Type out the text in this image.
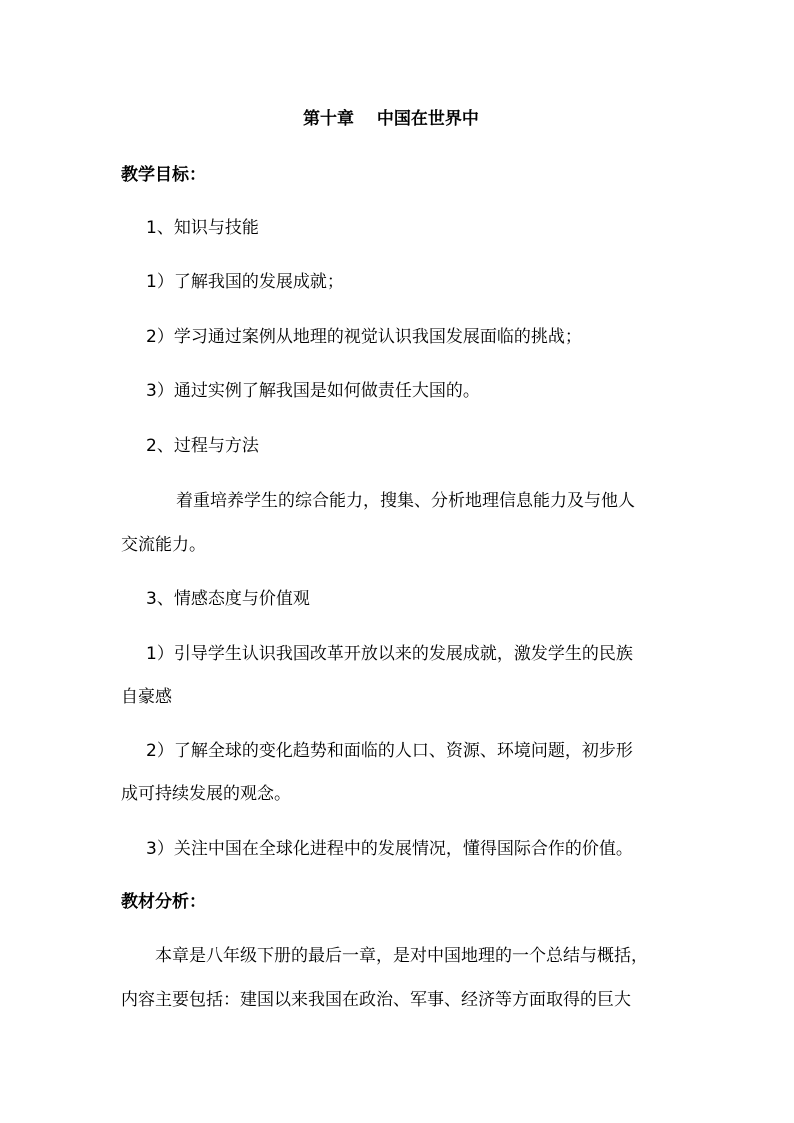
第十章　 中国在世界中
教学目标：
1、知识与技能
1）了解我国的发展成就；
2）学习通过案例从地理的视觉认识我国发展面临的挑战；
3）通过实例了解我国是如何做责任大国的。
2、过程与方法
着重培养学生的综合能力，搜集、分析地理信息能力及与他人
交流能力。
3、情感态度与价值观
1）引导学生认识我国改革开放以来的发展成就，激发学生的民族
自豪感
2）了解全球的变化趋势和面临的人口、资源、环境问题，初步形
成可持续发展的观念。
3）关注中国在全球化进程中的发展情况，懂得国际合作的价值。
教材分析：
本章是八年级下册的最后一章，是对中国地理的一个总结与概括，
内容主要包括：建国以来我国在政治、军事、经济等方面取得的巨大
